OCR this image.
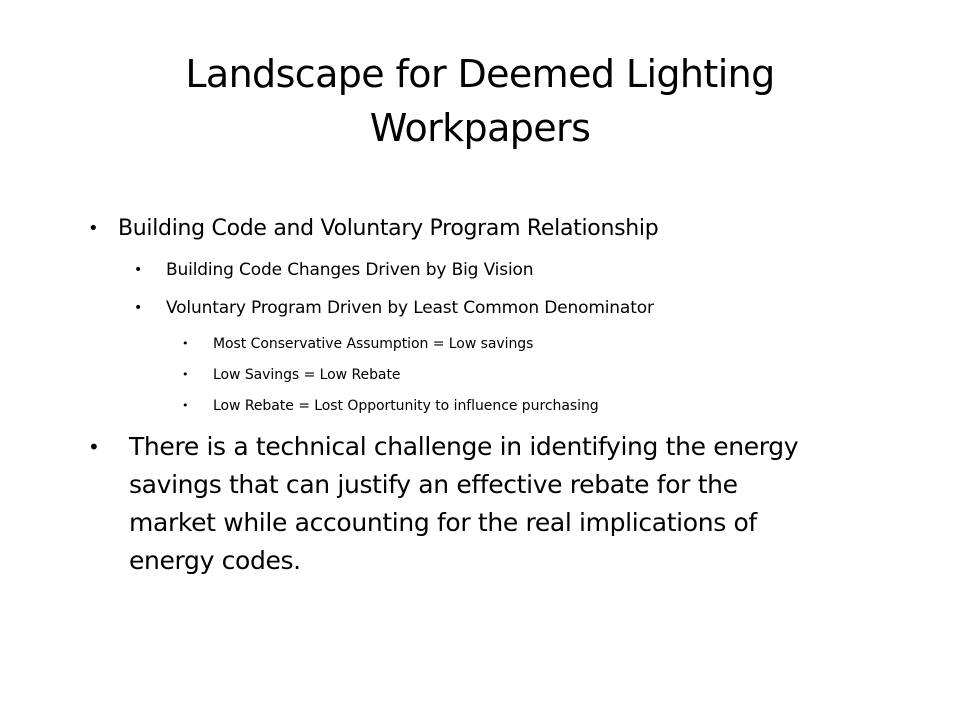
Landscape for Deemed Lighting
Workpapers
• Building Code and Voluntary Program Relationship
• Building Code Changes Driven by Big Vision
• Voluntary Program Driven by Least Common Denominator
• Most Conservative Assumption = Low savings
• Low Savings = Low Rebate
• Low Rebate = Lost Opportunity to influence purchasing
• There is a technical challenge in identifying the energy
savings that can justify an effective rebate for the
market while accounting for the real implications of
energy codes.
